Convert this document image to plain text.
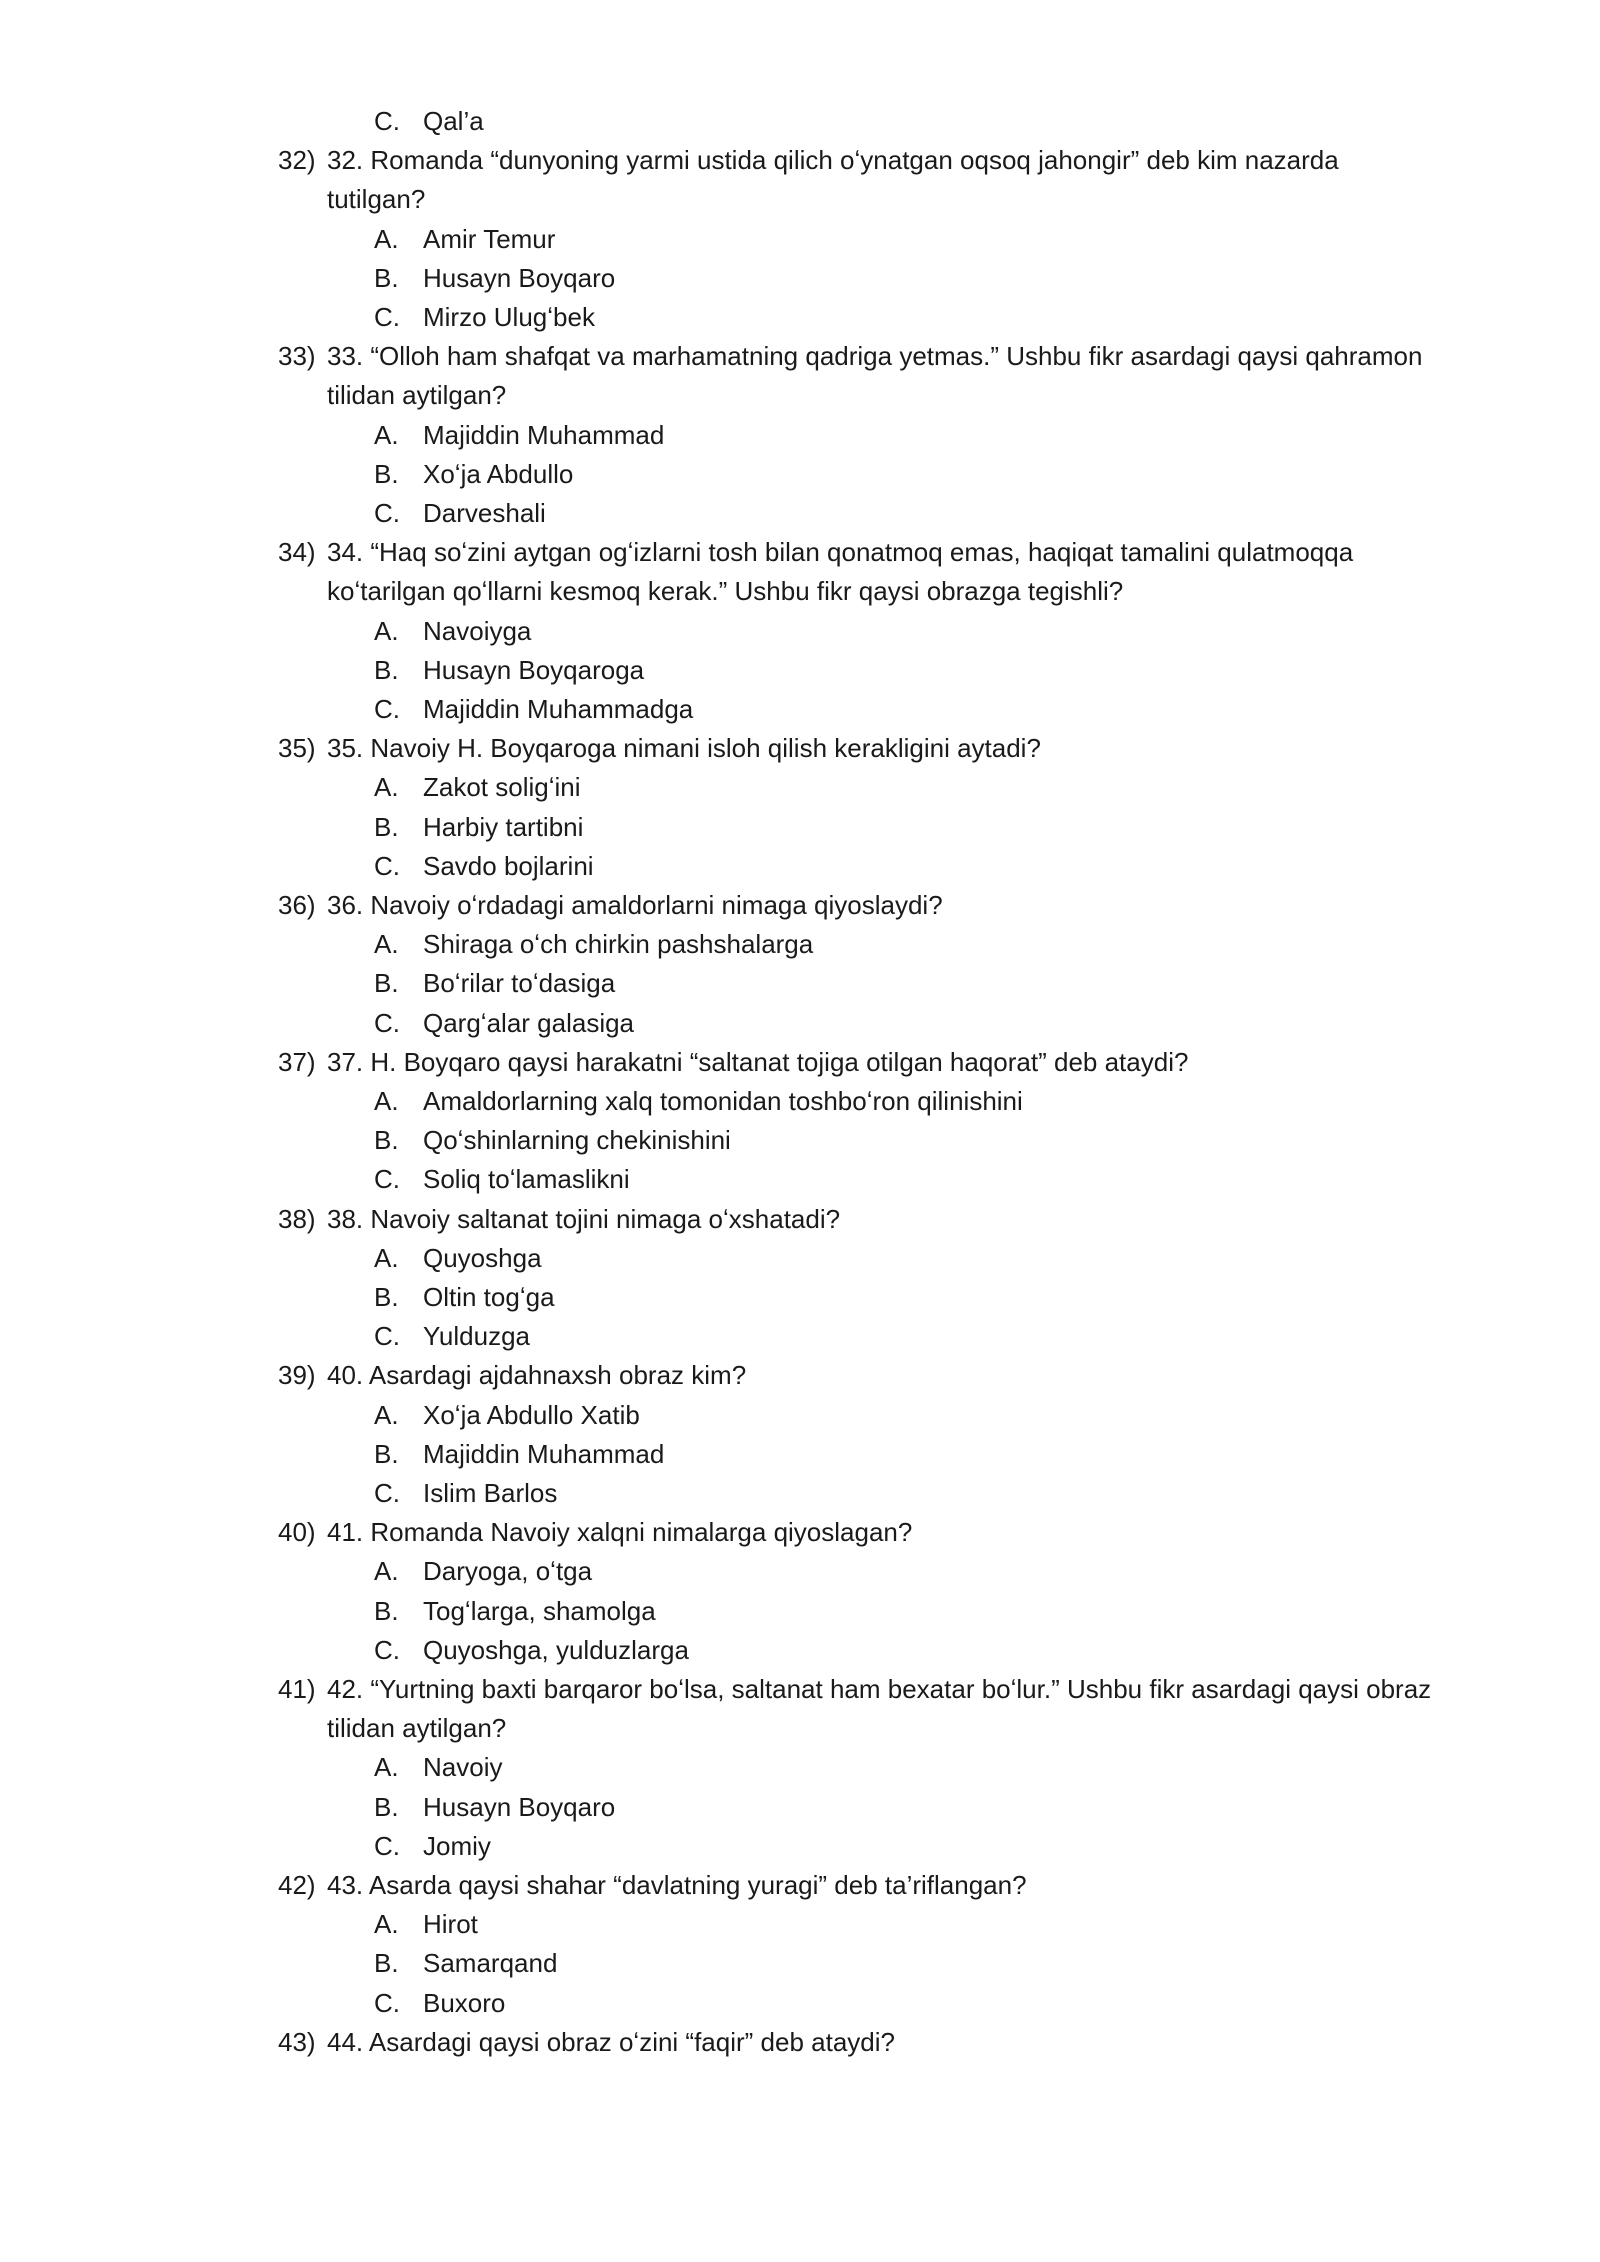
C. Qal’a
32) 32. Romanda “dunyoning yarmi ustida qilich oʻynatgan oqsoq jahongir” deb kim nazarda
tutilgan?
A. Amir Temur
B. Husayn Boyqaro
C. Mirzo Ulugʻbek
33) 33. “Olloh ham shafqat va marhamatning qadriga yetmas.” Ushbu fikr asardagi qaysi qahramon
tilidan aytilgan?
A. Majiddin Muhammad
B. Xoʻja Abdullo
C. Darveshali
34) 34. “Haq soʻzini aytgan ogʻizlarni tosh bilan qonatmoq emas, haqiqat tamalini qulatmoqqa
koʻtarilgan qoʻllarni kesmoq kerak.” Ushbu fikr qaysi obrazga tegishli?
A. Navoiyga
B. Husayn Boyqaroga
C. Majiddin Muhammadga
35) 35. Navoiy H. Boyqaroga nimani isloh qilish kerakligini aytadi?
A. Zakot soligʻini
B. Harbiy tartibni
C. Savdo bojlarini
36) 36. Navoiy oʻrdadagi amaldorlarni nimaga qiyoslaydi?
A. Shiraga oʻch chirkin pashshalarga
B. Boʻrilar toʻdasiga
C. Qargʻalar galasiga
37) 37. H. Boyqaro qaysi harakatni “saltanat tojiga otilgan haqorat” deb ataydi?
A. Amaldorlarning xalq tomonidan toshboʻron qilinishini
B. Qoʻshinlarning chekinishini
C. Soliq toʻlamaslikni
38) 38. Navoiy saltanat tojini nimaga oʻxshatadi?
A. Quyoshga
B. Oltin togʻga
C. Yulduzga
39) 40. Asardagi ajdahnaxsh obraz kim?
A. Xoʻja Abdullo Xatib
B. Majiddin Muhammad
C. Islim Barlos
40) 41. Romanda Navoiy xalqni nimalarga qiyoslagan?
A. Daryoga, oʻtga
B. Togʻlarga, shamolga
C. Quyoshga, yulduzlarga
41) 42. “Yurtning baxti barqaror boʻlsa, saltanat ham bexatar boʻlur.” Ushbu fikr asardagi qaysi obraz
tilidan aytilgan?
A. Navoiy
B. Husayn Boyqaro
C. Jomiy
42) 43. Asarda qaysi shahar “davlatning yuragi” deb ta’riflangan?
A. Hirot
B. Samarqand
C. Buxoro
43) 44. Asardagi qaysi obraz oʻzini “faqir” deb ataydi?
